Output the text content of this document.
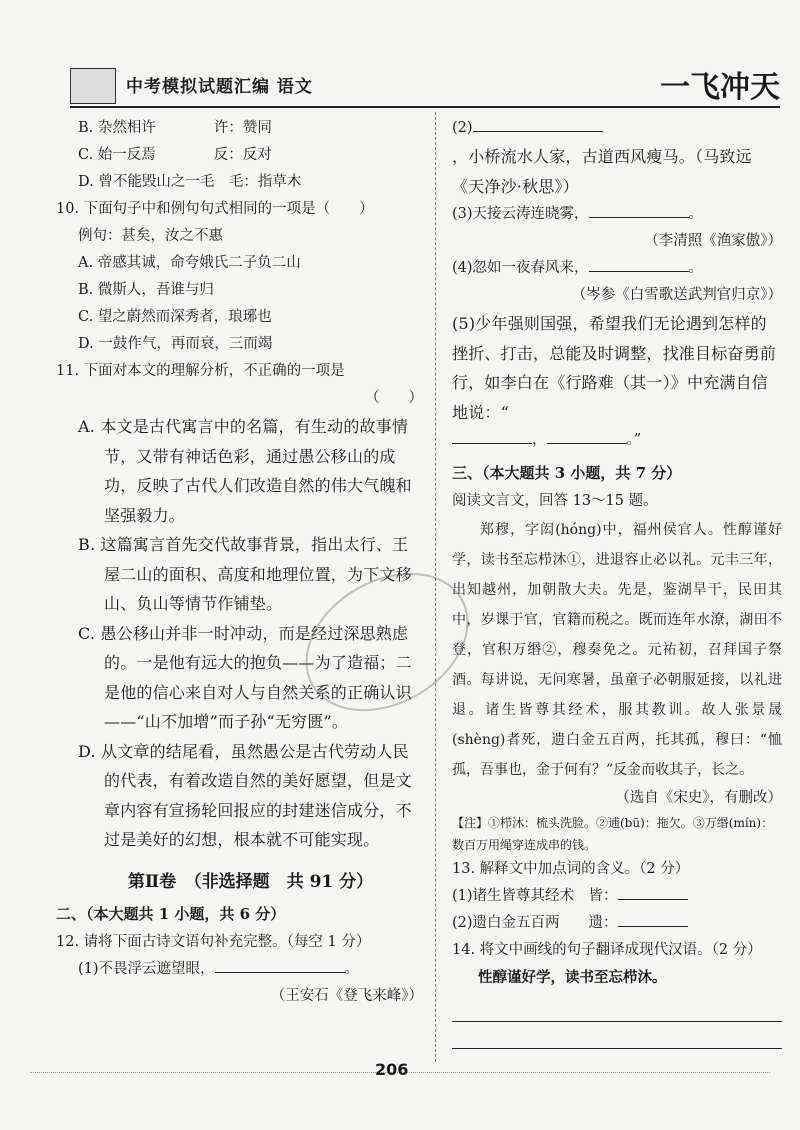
中考模拟试题汇编 语文	一飞冲天
B. 杂然相许　　　　许：赞同
C. 始一反焉　　　　反：反对
D. 曾不能毁山之一毛　毛：指草木
10. 下面句子中和例句句式相同的一项是（　　）
例句：甚矣，汝之不惠
A. 帝感其诚，命夸娥氏二子负二山
B. 微斯人，吾谁与归
C. 望之蔚然而深秀者，琅琊也
D. 一鼓作气，再而衰，三而竭
11. 下面对本文的理解分析，不正确的一项是
（　　）
A. 本文是古代寓言中的名篇，有生动的故事情节，又带有神话色彩，通过愚公移山的成功，反映了古代人们改造自然的伟大气魄和坚强毅力。
B. 这篇寓言首先交代故事背景，指出太行、王屋二山的面积、高度和地理位置，为下文移山、负山等情节作铺垫。
C. 愚公移山并非一时冲动，而是经过深思熟虑的。一是他有远大的抱负——为了造福；二是他的信心来自对人与自然关系的正确认识——“山不加增”而子孙“无穷匮”。
D. 从文章的结尾看，虽然愚公是古代劳动人民的代表，有着改造自然的美好愿望，但是文章内容有宣扬轮回报应的封建迷信成分，不过是美好的幻想，根本就不可能实现。
第Ⅱ卷　（非选择题　共 91 分）
二、（本大题共 1 小题，共 6 分）
12. 请将下面古诗文语句补充完整。（每空 1 分）
(1)不畏浮云遮望眼，	。
（王安石《登飞来峰》）
(2)
，小桥流水人家，古道西风瘦马。（马致远《天净沙·秋思》）
(3)天接云涛连晓雾，	。
（李清照《渔家傲》）
(4)忽如一夜春风来，	。
（岑参《白雪歌送武判官归京》）
(5)少年强则国强，希望我们无论遇到怎样的挫折、打击，总能及时调整，找准目标奋勇前行，如李白在《行路难（其一）》中充满自信地说：“
，	。”
三、（本大题共 3 小题，共 7 分）
阅读文言文，回答 13～15 题。
郑穆，字闳(hóng)中，福州侯官人。性醇谨好学，读书至忘栉沐①，进退容止必以礼。元丰三年，出知越州，加朝散大夫。先是，鉴湖旱干，民田其中，岁课于官，官籍而税之。既而连年水潦，湖田不登，官积万缗②，穆奏免之。元祐初，召拜国子祭酒。每讲说，无问寒暑，虽童子必朝服延接，以礼进退。诸生皆尊其经术，服其教训。故人张景晟(shèng)者死，遗白金五百两，托其孤，穆曰：“恤孤，吾事也，金于何有？”反金而收其子，长之。
（选自《宋史》，有删改）
【注】①栉沐：梳头洗脸。②逋(bū)：拖欠。③万缗(mín)：数百万用绳穿连成串的钱。
13. 解释文中加点词的含义。（2 分）
(1)诸生皆尊其经术　皆：
(2)遗白金五百两　　遗：
14. 将文中画线的句子翻译成现代汉语。（2 分）
性醇谨好学，读书至忘栉沐。
206
